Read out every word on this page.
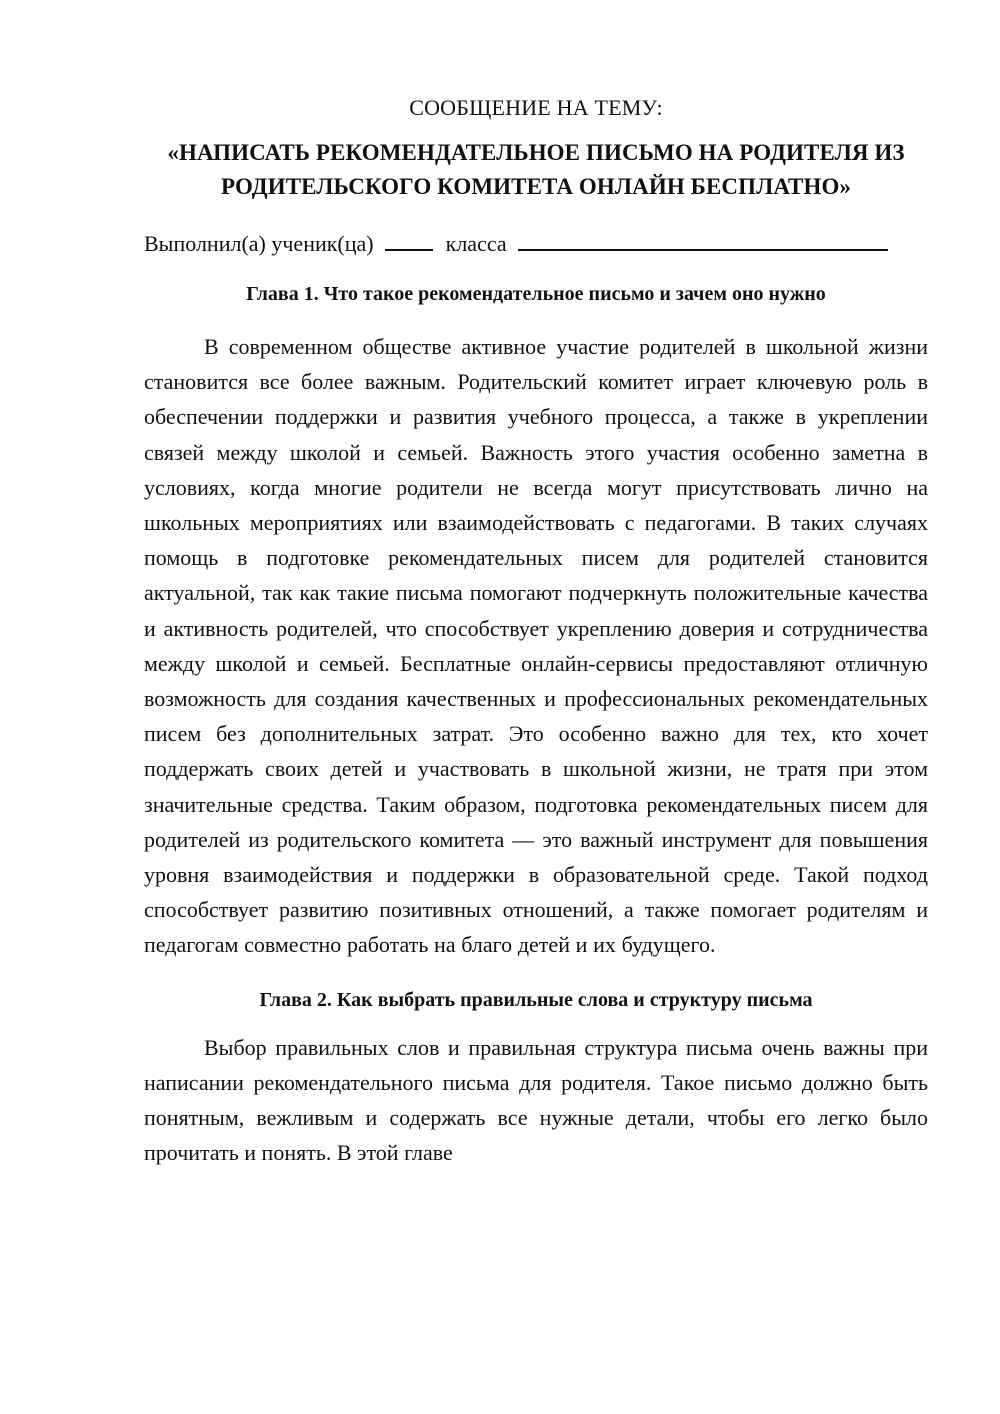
СООБЩЕНИЕ НА ТЕМУ:
«НАПИСАТЬ РЕКОМЕНДАТЕЛЬНОЕ ПИСЬМО НА РОДИТЕЛЯ ИЗ РОДИТЕЛЬСКОГО КОМИТЕТА ОНЛАЙН БЕСПЛАТНО»
Выполнил(а) ученик(ца)	класса
Глава 1. Что такое рекомендательное письмо и зачем оно нужно

В современном обществе активное участие родителей в школьной жизни становится все более важным. Родительский комитет играет ключевую роль в обеспечении поддержки и развития учебного процесса, а также в укреплении связей между школой и семьей. Важность этого участия особенно заметна в условиях, когда многие родители не всегда могут присутствовать лично на школьных мероприятиях или взаимодействовать с педагогами. В таких случаях помощь в подготовке рекомендательных писем для родителей становится актуальной, так как такие письма помогают подчеркнуть положительные качества и активность родителей, что способствует укреплению доверия и сотрудничества между школой и семьей. Бесплатные онлайн-сервисы предоставляют отличную возможность для создания качественных и профессиональных рекомендательных писем без дополнительных затрат. Это особенно важно для тех, кто хочет поддержать своих детей и участвовать в школьной жизни, не тратя при этом значительные средства. Таким образом, подготовка рекомендательных писем для родителей из родительского комитета — это важный инструмент для повышения уровня взаимодействия и поддержки в образовательной среде. Такой подход способствует развитию позитивных отношений, а также помогает родителям и педагогам совместно работать на благо детей и их будущего.

Глава 2. Как выбрать правильные слова и структуру письма

Выбор правильных слов и правильная структура письма очень важны при написании рекомендательного письма для родителя. Такое письмо должно быть понятным, вежливым и содержать все нужные детали, чтобы его легко было прочитать и понять. В этой главе
